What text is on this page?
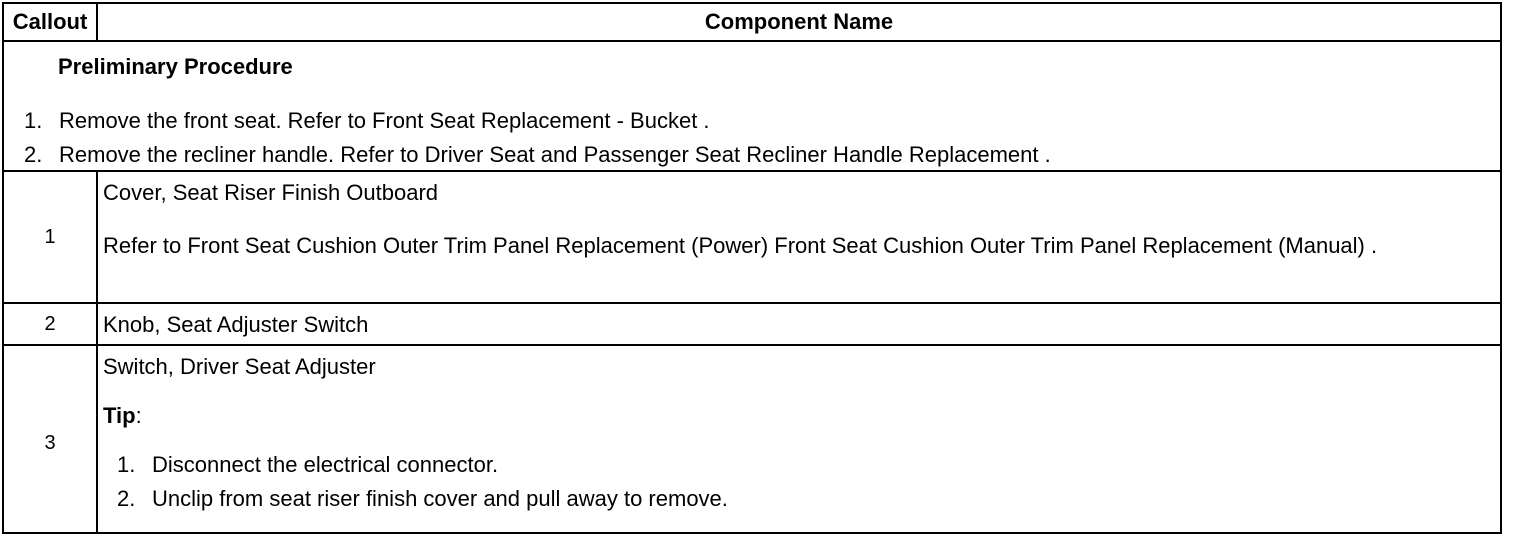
Callout	Component Name

Preliminary Procedure
1. Remove the front seat. Refer to Front Seat Replacement - Bucket .
2. Remove the recliner handle. Refer to Driver Seat and Passenger Seat Recliner Handle Replacement .	

1	Cover, Seat Riser Finish Outboard
Refer to Front Seat Cushion Outer Trim Panel Replacement (Power) Front Seat Cushion Outer Trim Panel Replacement (Manual) .

2	Knob, Seat Adjuster Switch
3	Switch, Driver Seat Adjuster
Tip:
1. Disconnect the electrical connector.
2. Unclip from seat riser finish cover and pull away to remove.
